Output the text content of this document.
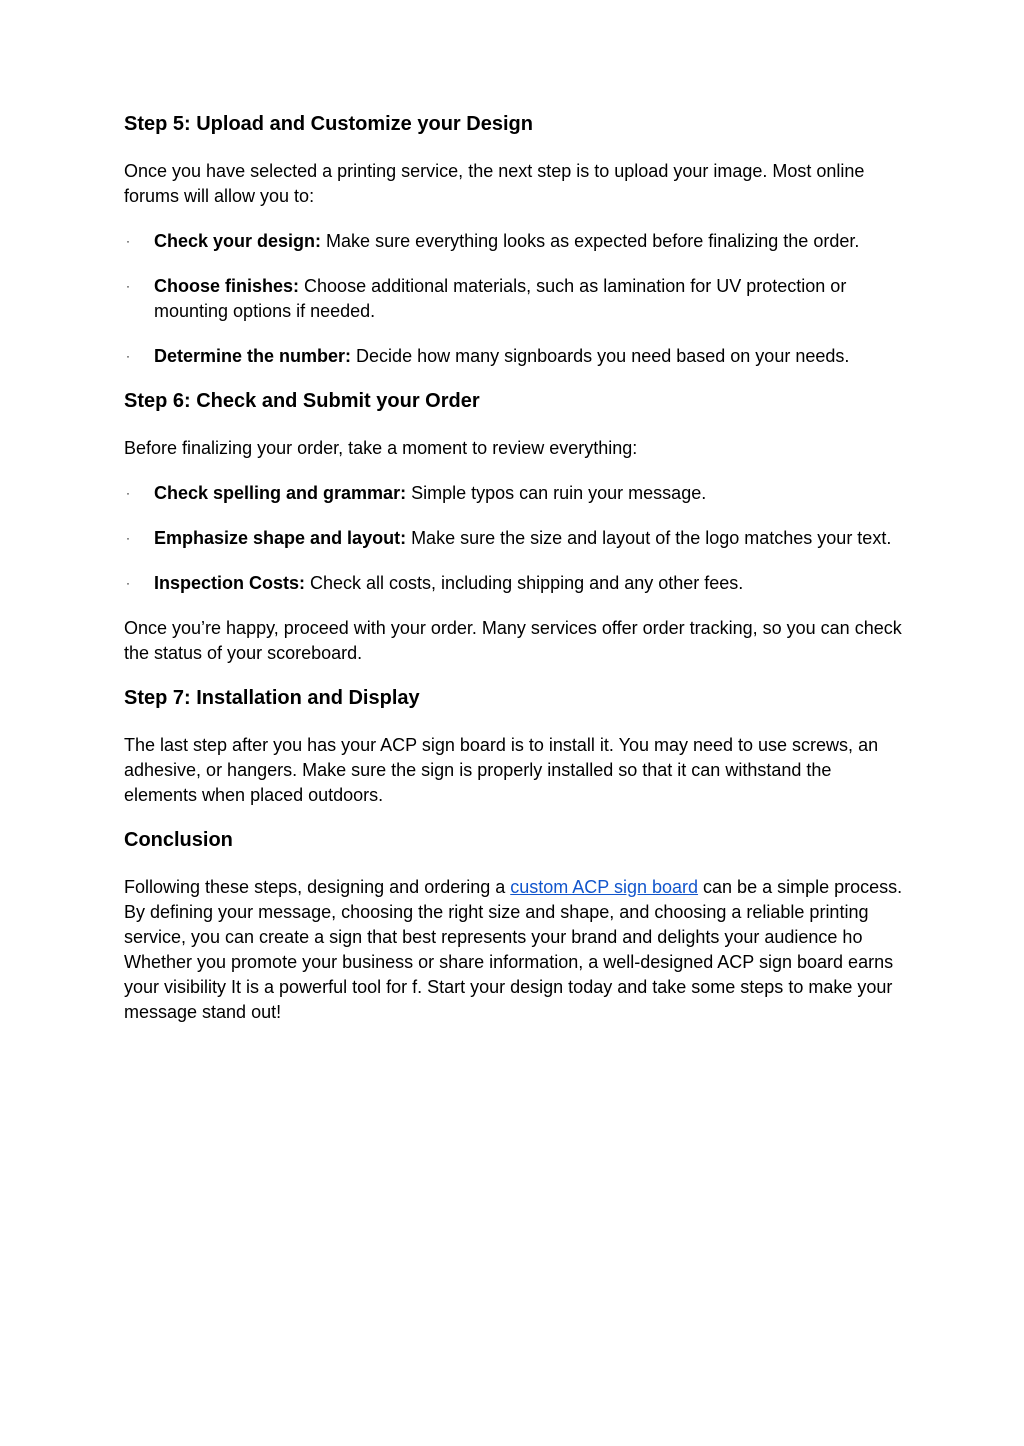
Step 5: Upload and Customize your Design

Once you have selected a printing service, the next step is to upload your image. Most online forums will allow you to:

· Check your design: Make sure everything looks as expected before finalizing the order.
· Choose finishes: Choose additional materials, such as lamination for UV protection or mounting options if needed.
· Determine the number: Decide how many signboards you need based on your needs.
Step 6: Check and Submit your Order

Before finalizing your order, take a moment to review everything:

· Check spelling and grammar: Simple typos can ruin your message.
· Emphasize shape and layout: Make sure the size and layout of the logo matches your text.
· Inspection Costs: Check all costs, including shipping and any other fees.

Once you’re happy, proceed with your order. Many services offer order tracking, so you can check the status of your scoreboard.

Step 7: Installation and Display

The last step after you has your ACP sign board is to install it. You may need to use screws, an adhesive, or hangers. Make sure the sign is properly installed so that it can withstand the elements when placed outdoors.

Conclusion

Following these steps, designing and ordering a custom ACP sign board can be a simple process. By defining your message, choosing the right size and shape, and choosing a reliable printing service, you can create a sign that best represents your brand and delights your audience ho Whether you promote your business or share information, a well-designed ACP sign board earns your visibility It is a powerful tool for f. Start your design today and take some steps to make your message stand out!
